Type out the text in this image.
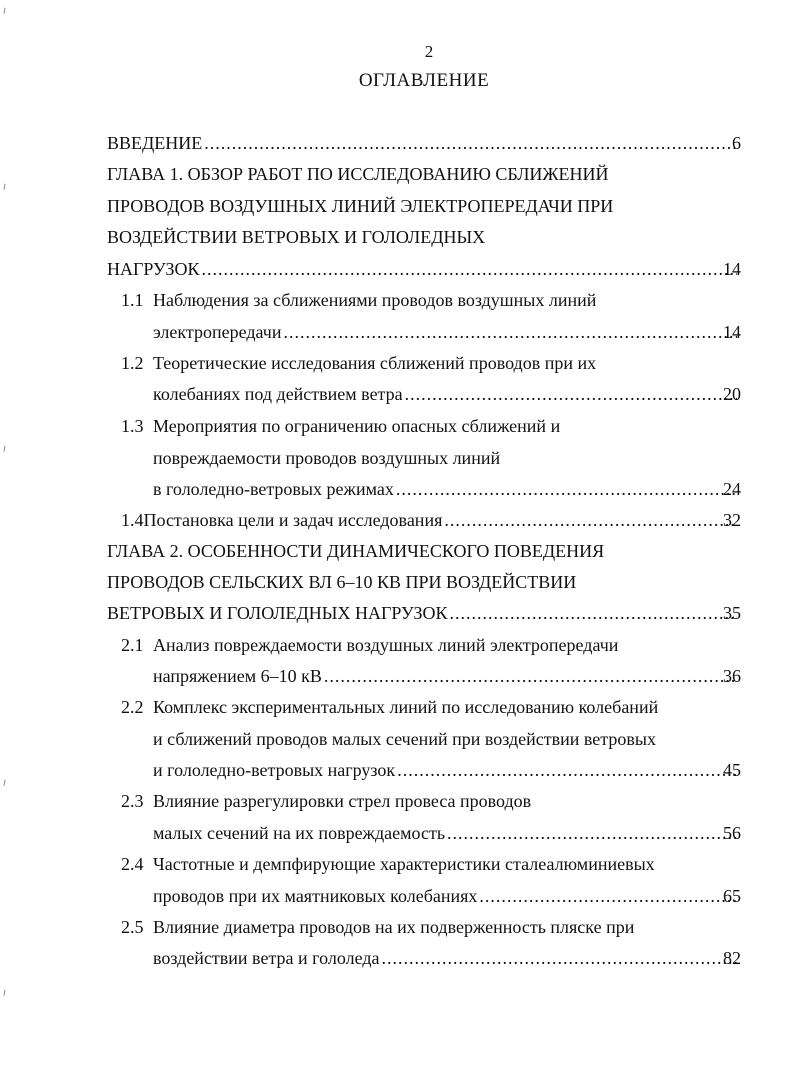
2
ОГЛАВЛЕНИЕ
ВВЕДЕНИЕ .....	6
ГЛАВА 1. ОБЗОР РАБОТ ПО ИССЛЕДОВАНИЮ СБЛИЖЕНИЙ
ПРОВОДОВ ВОЗДУШНЫХ ЛИНИЙ ЭЛЕКТРОПЕРЕДАЧИ ПРИ
ВОЗДЕЙСТВИИ ВЕТРОВЫХ И ГОЛОЛЕДНЫХ
НАГРУЗОК .....	14
1.1 Наблюдения за сближениями проводов воздушных линий
электропередачи .....	14
1.2 Теоретические исследования сближений проводов при их
колебаниях под действием ветра .....	20
1.3 Мероприятия по ограничению опасных сближений и
повреждаемости проводов воздушных линий
в гололедно-ветровых режимах .....	24
1.4 Постановка цели и задач исследования .....	32
ГЛАВА 2. ОСОБЕННОСТИ ДИНАМИЧЕСКОГО ПОВЕДЕНИЯ
ПРОВОДОВ СЕЛЬСКИХ ВЛ 6–10 КВ ПРИ ВОЗДЕЙСТВИИ
ВЕТРОВЫХ И ГОЛОЛЕДНЫХ НАГРУЗОК .....	35
2.1 Анализ повреждаемости воздушных линий электропередачи
напряжением 6–10 кВ .....	36
2.2 Комплекс экспериментальных линий по исследованию колебаний
и сближений проводов малых сечений при воздействии ветровых
и гололедно-ветровых нагрузок .....	45
2.3 Влияние разрегулировки стрел провеса проводов
малых сечений на их повреждаемость .....	56
2.4 Частотные и демпфирующие характеристики сталеалюминиевых
проводов при их маятниковых колебаниях .....	65
2.5 Влияние диаметра проводов на их подверженность пляске при
воздействии ветра и гололеда .....	82
